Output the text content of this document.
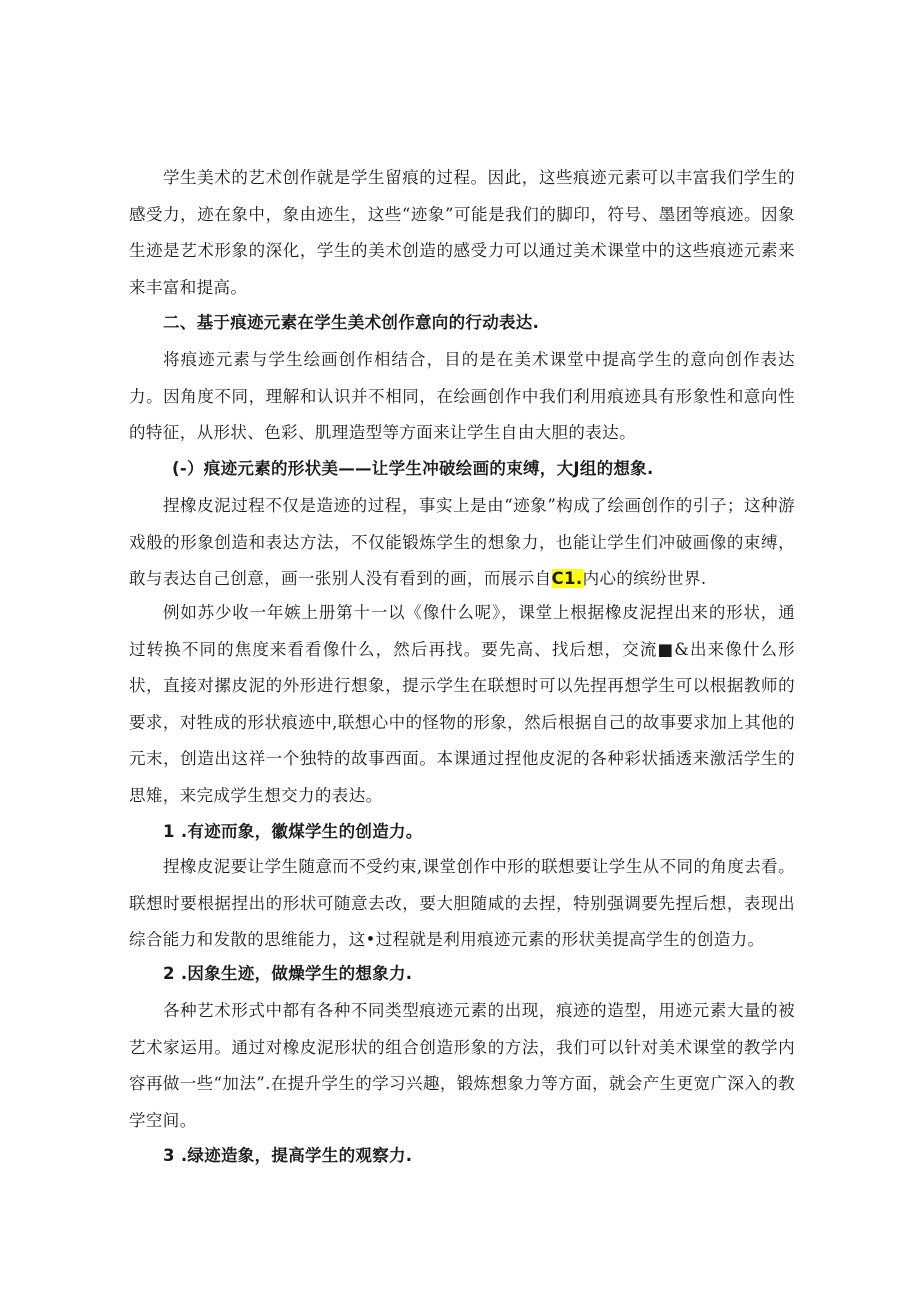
学生美术的艺术创作就是学生留痕的过程。因此，这些痕迹元素可以丰富我们学生的感受力，迹在象中，象由迹生，这些“迹象”可能是我们的脚印，符号、墨团等痕迹。因象生迹是艺术形象的深化，学生的美术创造的感受力可以通过美术课堂中的这些痕迹元素来来丰富和提高。

二、基于痕迹元素在学生美术创作意向的行动表达.

将痕迹元素与学生绘画创作相结合，目的是在美术课堂中提高学生的意向创作表达力。因角度不同，理解和认识并不相同，在绘画创作中我们利用痕迹具有形象性和意向性的特征，从形状、色彩、肌理造型等方面来让学生自由大胆的表达。

(-）痕迹元素的形状美——让学生冲破绘画的束缚，大J组的想象.

捏橡皮泥过程不仅是造迹的过程，事实上是由“迹象”构成了绘画创作的引子；这种游戏般的形象创造和表达方法，不仅能锻炼学生的想象力，也能让学生们冲破画像的束缚，敢与表达自己创意，画一张别人没有看到的画，而展示自C1.内心的缤纷世界.

例如苏少收一年嫉上册第十一以《像什么呢》，课堂上根据橡皮泥捏出来的形状，通过转换不同的焦度来看看像什么，然后再找。要先高、找后想，交流■&出来像什么形状，直接对摞皮泥的外形进行想象，提示学生在联想时可以先捏再想学生可以根据教师的要求，对牲成的形状痕迹中,联想心中的怪物的形象，然后根据自己的故事要求加上其他的元末，创造出这祥一个独特的故事西面。本课通过捏他皮泥的各种彩状插透来激活学生的思雉，来完成学生想交力的表达。

1 .有迹而象，徽煤学生的创造力。

捏橡皮泥要让学生随意而不受约束,课堂创作中形的联想要让学生从不同的角度去看。联想时要根据捏出的形状可随意去改，要大胆随咸的去捏，特别强调要先捏后想，表现出综合能力和发散的思维能力，这•过程就是利用痕迹元素的形状美提高学生的创造力。

2 .因象生迹，做燥学生的想象力.

各种艺术形式中都有各种不同类型痕迹元素的出现，痕迹的造型，用迹元素大量的被艺术家运用。通过对橡皮泥形状的组合创造形象的方法，我们可以针对美术课堂的教学内容再做一些“加法”.在提升学生的学习兴趣，锻炼想象力等方面，就会产生更宽广深入的教学空间。

3 .绿迹造象，提高学生的观察力.
